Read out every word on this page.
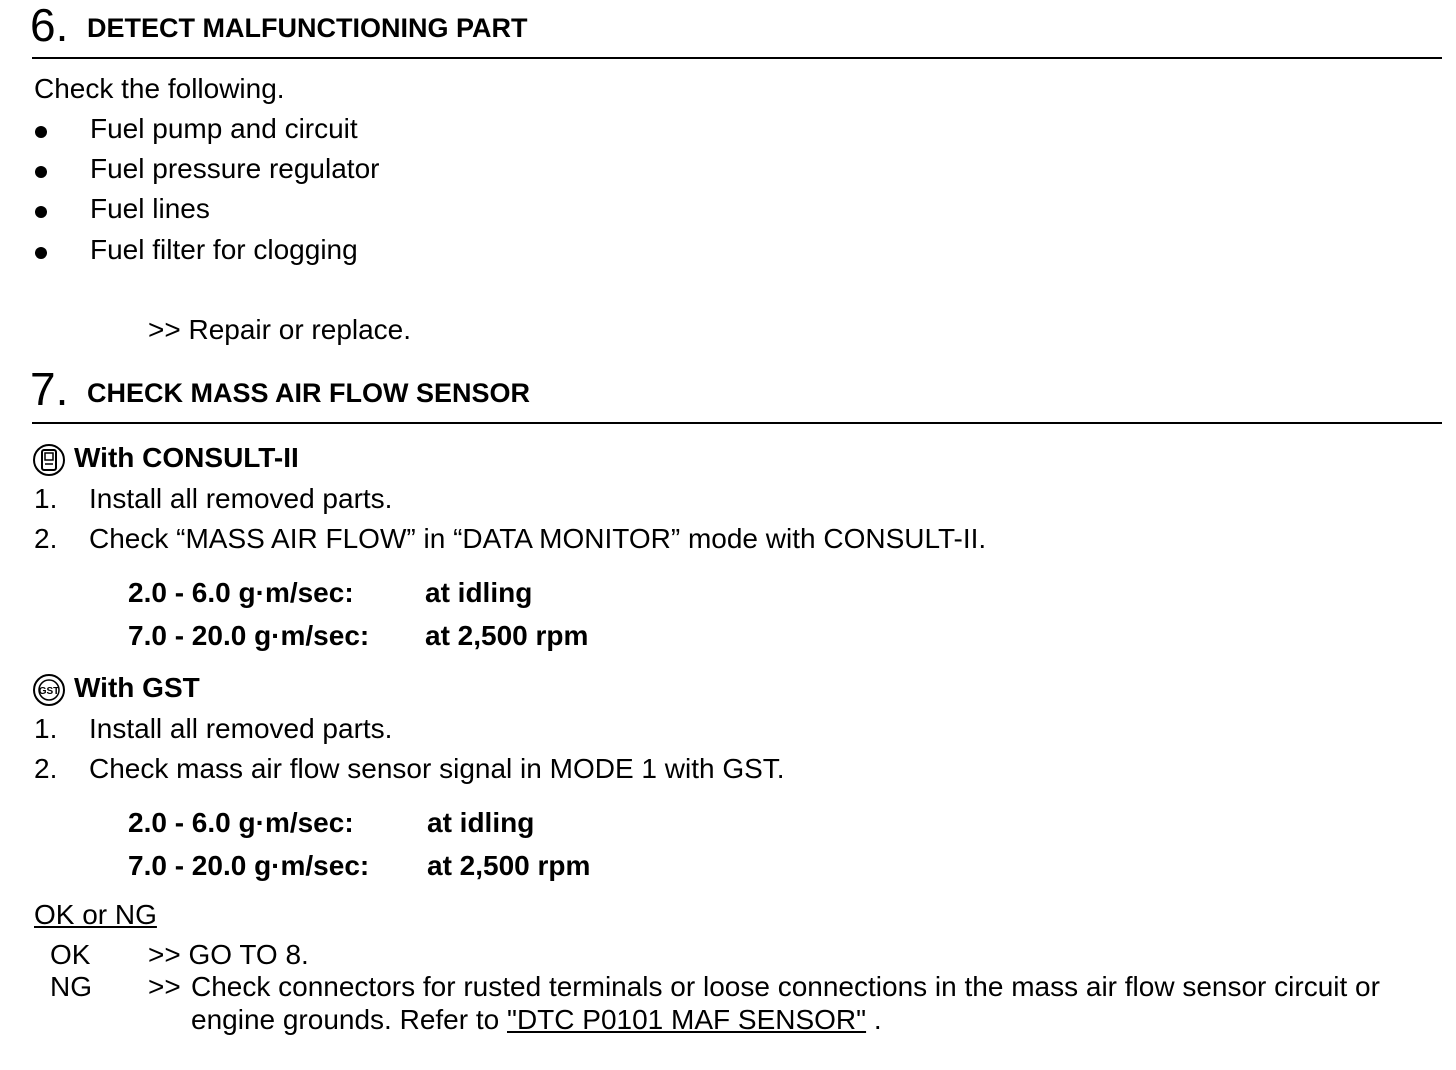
6. DETECT MALFUNCTIONING PART
Check the following.
Fuel pump and circuit
Fuel pressure regulator
Fuel lines
Fuel filter for clogging
>> Repair or replace.
7. CHECK MASS AIR FLOW SENSOR
With CONSULT-II
1. Install all removed parts.
2. Check “MASS AIR FLOW” in “DATA MONITOR” mode with CONSULT-II.
2.0 - 6.0 g·m/sec:	at idling
7.0 - 20.0 g·m/sec: at 2,500 rpm
GST With GST
1. Install all removed parts.
2. Check mass air flow sensor signal in MODE 1 with GST.
2.0 - 6.0 g·m/sec:	at idling
7.0 - 20.0 g·m/sec: at 2,500 rpm
OK or NG
OK >> GO TO 8.
NG >> Check connectors for rusted terminals or loose connections in the mass air flow sensor circuit or
engine grounds. Refer to "DTC P0101 MAF SENSOR" .
